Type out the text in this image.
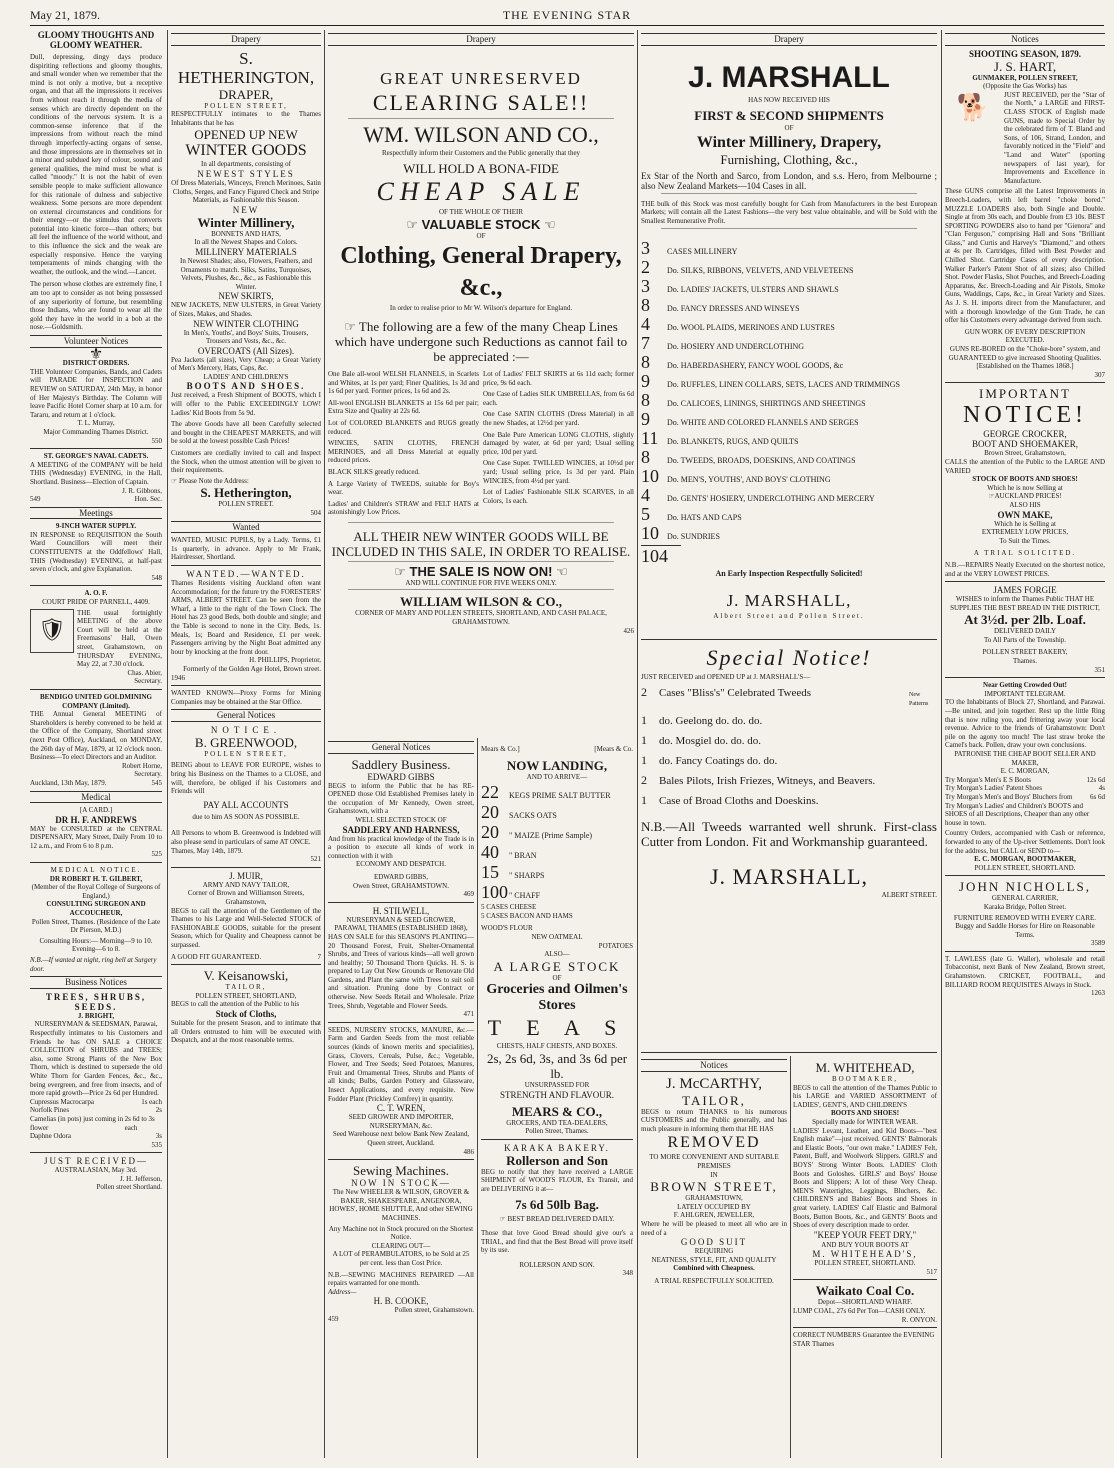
May 21, 1879.	THE EVENING STAR
GLOOMY THOUGHTS AND GLOOMY WEATHER.
Dull, depressing, dingy days produce dispiriting reflections and gloomy thoughts, and small wonder when we remember that the mind is not only a motive, but a receptive organ, and that all the impressions it receives from without reach it through the media of senses which are directly dependent on the conditions of the nervous system. It is a common-sense inference that if the impressions from without reach the mind through imperfectly-acting organs of sense, and those impressions are in themselves set in a minor and subdued key of colour, sound and general qualities, the mind must be what is called "moody." It is not the habit of even sensible people to make sufficient allowance for this rationale of dulness and subjective weakness. Some persons are more dependent on external circumstances and conditions for their energy—or the stimulus that converts potential into kinetic force—than others; but all feel the influence of the world without, and to this influence the sick and the weak are especially responsive. Hence the varying temperaments of minds changing with the weather, the outlook, and the wind.—Lancet.
The person whose clothes are extremely fine, I am too apt to consider as not being possessed of any superiority of fortune, but resembling those Indians, who are found to wear all the gold they have in the world in a bob at the nose.—Goldsmith.
Volunteer Notices
⚜
DISTRICT ORDERS.
THE Volunteer Companies, Bands, and Cadets will PARADE for INSPECTION and REVIEW on SATURDAY, 24th May, in honor of Her Majesty's Birthday. The Column will leave Pacific Hotel Corner sharp at 10 a.m. for Tararu, and return at 1 o'clock.
T. L. Murray,
Major Commanding Thames District.
550
ST. GEORGE'S NAVAL CADETS.
A MEETING of the COMPANY will be held THIS (Wednesday) EVENING, in the Hall, Shortland. Business—Election of Captain.
J. R. Gibbons,
549	Hon. Sec.
Meetings
9-INCH WATER SUPPLY.
IN RESPONSE to REQUISITION the South Ward Councillors will meet their CONSTITUENTS at the Oddfellows' Hall, THIS (Wednesday) EVENING, at half-past seven o'clock, and give Explanation.
548
A. O. F.
COURT PRIDE OF PARNELL, 4409.
🛡
THE usual fortnightly MEETING of the above Court will be held at the Freemasons' Hall, Owen street, Grahamstown, on THURSDAY EVENING, May 22, at 7.30 o'clock.
Chas. Abier,
Secretary.
BENDIGO UNITED GOLDMINING COMPANY (Limited).
THE Annual General MEETING of Shareholders is hereby convened to be held at the Office of the Company, Shortland street (next Post Office), Auckland, on MONDAY, the 26th day of May, 1879, at 12 o'clock noon. Business—To elect Directors and an Auditor.
Robert Horne,
Secretary.
Auckland, 13th May, 1879.	545
Medical
[A CARD.]
DR H. F. ANDREWS
MAY be CONSULTED at the CENTRAL DISPENSARY, Mary Street, Daily From 10 to 12 a.m., and From 6 to 8 p.m.
525
MEDICAL NOTICE.
DR ROBERT H. T. GILBERT,
(Member of the Royal College of Surgeons of England,)
CONSULTING SURGEON AND ACCOUCHEUR,
Pollen Street, Thames. (Residence of the Late Dr Pierson, M.D.)
Consulting Hours:— Morning—9 to 10. Evening—6 to 8.
N.B.—If wanted at night, ring bell at Surgery door.
Business Notices
TREES, SHRUBS, SEEDS.
J. BRIGHT,
NURSERYMAN & SEEDSMAN, Parawai,
Respectfully intimates to his Customers and Friends he has ON SALE a CHOICE COLLECTION of SHRUBS and TREES; also, some Strong Plants of the New Box Thorn, which is destined to supersede the old White Thorn for Garden Fences, &c., &c., being evergreen, and free from insects, and of more rapid growth—Price 2s 6d per Hundred.
Cupressus Macrocarpa	1s each
Norfolk Pines	2s
Camelias (in pots) just coming in flower
2s 6d to 3s each
Daphne Odora	3s
535
JUST RECEIVED—
AUSTRALASIAN, May 3rd.
J. H. Jefferson,
Pollen street Shortland.
Drapery
S. HETHERINGTON,
DRAPER,
POLLEN STREET,
RESPECTFULLY intimates to the Thames Inhabitants that he has
OPENED UP NEW
WINTER GOODS
In all departments, consisting of
NEWEST STYLES
Of Dress Materials, Winceys, French Merinoes, Satin Cloths, Serges, and Fancy Figured Check and Stripe Materials, as Fashionable this Season.
NEW
Winter Millinery,
BONNETS AND HATS,
In all the Newest Shapes and Colors.
MILLINERY MATERIALS
In Newest Shades; also, Flowers, Feathers, and Ornaments to match. Silks, Satins, Turquoises, Velvets, Plushes, &c., &c., as Fashionable this Winter.
NEW SKIRTS,
NEW JACKETS, NEW ULSTERS, in Great Variety of Sizes, Makes, and Shades.
NEW WINTER CLOTHING
In Men's, Youths', and Boys' Suits, Trousers, Trousers and Vests, &c., &c.
OVERCOATS (All Sizes).
Pea Jackets (all sizes), Very Cheap; a Great Variety of Men's Mercery, Hats, Caps, &c.
LADIES' AND CHILDREN'S
BOOTS AND SHOES.
Just received, a Fresh Shipment of BOOTS, which I will offer to the Public EXCEEDINGLY LOW! Ladies' Kid Boots from 5s 9d.
The above Goods have all been Carefully selected and bought in the CHEAPEST MARKETS, and will be sold at the lowest possible Cash Prices!
Customers are cordially invited to call and Inspect the Stock, when the utmost attention will be given to their requirements.
☞ Please Note the Address:
S. Hetherington,
POLLEN STREET.
504
Wanted
WANTED, MUSIC PUPILS, by a Lady. Terms, £1 1s quarterly, in advance. Apply to Mr Frank, Hairdresser, Shortland.
WANTED.—WANTED.
Thames Residents visiting Auckland often want Accommodation; for the future try the FORESTERS' ARMS, ALBERT STREET. Can be seen from the Wharf, a little to the right of the Town Clock. The Hotel has 23 good Beds, both double and single; and the Table is second to none in the City. Beds, 1s. Meals, 1s; Board and Residence, £1 per week. Passengers arriving by the Night Boat admitted any hour by knocking at the front door.
H. PHILLIPS, Proprietor,
Formerly of the Golden Age Hotel, Brown street.
1946
WANTED KNOWN—Proxy Forms for Mining Companies may be obtained at the Star Office.
General Notices
NOTICE.
B. GREENWOOD,
POLLEN STREET,
BEING about to LEAVE FOR EUROPE, wishes to bring his Business on the Thames to a CLOSE, and will, therefore, be obliged if his Customers and Friends will
PAY ALL ACCOUNTS
due to him AS SOON AS POSSIBLE.
All Persons to whom B. Greenwood is Indebted will also please send in particulars of same AT ONCE.
Thames, May 14th, 1879.
521
J. MUIR,
ARMY AND NAVY TAILOR,
Corner of Brown and Williamson Streets, Grahamstown,
BEGS to call the attention of the Gentlemen of the Thames to his Large and Well-Selected STOCK of FASHIONABLE GOODS, suitable for the present Season, which for Quality and Cheapness cannot be surpassed.
A GOOD FIT GUARANTEED.	7
V. Keisanowski,
TAILOR,
POLLEN STREET, SHORTLAND,
BEGS to call the attention of the Public to his
Stock of Cloths,
Suitable for the present Season, and to intimate that all Orders entrusted to him will be executed with Despatch, and at the most reasonable terms.
Drapery
GREAT UNRESERVED
CLEARING SALE!!
WM. WILSON AND CO.,
Respectfully inform their Customers and the Public generally that they
WILL HOLD A BONA-FIDE
CHEAP SALE
OF THE WHOLE OF THEIR
☞ VALUABLE STOCK ☜
OF
Clothing, General Drapery, &c.,
In order to realise prior to Mr W. Wilson's departure for England.
☞ The following are a few of the many Cheap Lines which have undergone such Reductions as cannot fail to be appreciated :—
One Bale all-wool WELSH FLANNELS, in Scarlets and Whites, at 1s per yard; Finer Qualities, 1s 3d and 1s 6d per yard. Former prices, 1s 6d and 2s.
All-wool ENGLISH BLANKETS at 15s 6d per pair; Extra Size and Quality at 22s 6d.
Lot of COLORED BLANKETS and RUGS greatly reduced.
WINCIES, SATIN CLOTHS, FRENCH MERINOES, and all Dress Material at equally reduced prices.
BLACK SILKS greatly reduced.
A Large Variety of TWEEDS, suitable for Boy's wear.
Ladies' and Children's STRAW and FELT HATS at astonishingly Low Prices.
Lot of Ladies' FELT SKIRTS at 6s 11d each; former price, 9s 6d each.
One Case of Ladies SILK UMBRELLAS, from 6s 6d each.
One Case SATIN CLOTHS (Dress Material) in all the new Shades, at 12½d per yard.
One Bale Pure American LONG CLOTHS, slightly damaged by water, at 6d per yard; Usual selling price, 10d per yard.
One Case Super. TWILLED WINCIES, at 10½d per yard; Usual selling price, 1s 3d per yard. Plain WINCIES, from 4½d per yard.
Lot of Ladies' Fashionable SILK SCARVES, in all Colors, 1s each.
ALL THEIR NEW WINTER GOODS WILL BE INCLUDED IN THIS SALE, IN ORDER TO REALISE.
☞ THE SALE IS NOW ON! ☜
AND WILL CONTINUE FOR FIVE WEEKS ONLY.
WILLIAM WILSON & CO.,
CORNER OF MARY AND POLLEN STREETS, SHORTLAND, AND CASH PALACE, GRAHAMSTOWN.
426
General Notices
Saddlery Business.
EDWARD GIBBS
BEGS to inform the Public that he has RE-OPENED those Old Established Premises lately in the occupation of Mr Kennedy, Owen street, Grahamstown, with a
WELL SELECTED STOCK OF
SADDLERY AND HARNESS,
And from his practical knowledge of the Trade is in a position to execute all kinds of work in connection with it with
ECONOMY AND DESPATCH.
EDWARD GIBBS,
Owen Street, GRAHAMSTOWN.
469
H. STILWELL,
NURSERYMAN & SEED GROWER,
PARAWAI, THAMES (ESTABLISHED 1868),
HAS ON SALE for this SEASON'S PLANTING—20 Thousand Forest, Fruit, Shelter-Ornamental Shrubs, and Trees of various kinds—all well grown and healthy; 50 Thousand Thorn Quicks. H. S. is prepared to Lay Out New Grounds or Renovate Old Gardens, and Plant the same with Trees to suit soil and situation. Pruning done by Contract or otherwise. New Seeds Retail and Wholesale. Prize Trees, Shrub, Vegetable and Flower Seeds.
471
SEEDS, NURSERY STOCKS, MANURE, &c.—Farm and Garden Seeds from the most reliable sources (kinds of known merits and specialities), Grass, Clovers, Cereals, Pulse, &c.; Vegetable, Flower, and Tree Seeds; Seed Potatoes, Manures, Fruit and Ornamental Trees, Shrubs and Plants of all kinds; Bulbs, Garden Pottery and Glassware, Insect Applications, and every requisite. New Fodder Plant (Prickley Comfrey) in quantity.
C. T. WREN,
SEED GROWER AND IMPORTER, NURSERYMAN, &c.
Seed Warehouse next below Bank New Zealand, Queen street, Auckland.
486
Sewing Machines.
NOW IN STOCK—
The New WHEELER & WILSON, GROVER & BAKER, SHAKESPEARE, ANGENORA, HOWES', HOME SHUTTLE, And other SEWING MACHINES.
Any Machine not in Stock procured on the Shortest Notice.
CLEARING OUT—
A LOT of PERAMBULATORS, to be Sold at 25 per cent. less than Cost Price.
N.B.—SEWING MACHINES REPAIRED —All repairs warranted for one month.
Address—
H. B. COOKE,
Pollen street, Grahamstown.
459
Mears & Co.]	[Mears & Co.
NOW LANDING,
AND TO ARRIVE—
22	KEGS PRIME SALT BUTTER
20	SACKS OATS
20	" MAIZE (Prime Sample)
40	" BRAN
15	" SHARPS
100 " CHAFF
5 CASES CHEESE
5 CASES BACON AND HAMS
WOOD'S FLOUR
NEW OATMEAL
POTATOES
ALSO—
A LARGE STOCK
OF
Groceries and Oilmen's Stores
T E A S
CHESTS, HALF CHESTS, AND BOXES.
2s, 2s 6d, 3s, and 3s 6d per lb.
UNSURPASSED FOR
STRENGTH AND FLAVOUR.
MEARS & CO.,
GROCERS, AND TEA-DEALERS,
Pollen Street, Thames.
KARAKA BAKERY.
Rollerson and Son
BEG to notify that they have received a LARGE SHIPMENT of WOOD'S FLOUR, Ex Transit, and are DELIVERING it at—
7s 6d 50lb Bag.
☞ BEST BREAD DELIVERED DAILY.
Those that love Good Bread should give our's a TRIAL, and find that the Best Bread will prove itself by its use.
ROLLERSON AND SON.
348
Drapery
J. MARSHALL
HAS NOW RECEIVED HIS
FIRST & SECOND SHIPMENTS
OF
Winter Millinery, Drapery,
Furnishing, Clothing, &c.,
Ex Star of the North and Sarco, from London, and s.s. Hero, from Melbourne ; also New Zealand Markets—104 Cases in all.
THE bulk of this Stock was most carefully bought for Cash from Manufacturers in the best European Markets; will contain all the Latest Fashions—the very best value obtainable, and will be Sold with the Smallest Remunerative Profit.
3	CASES MILLINERY
2	Do. SILKS, RIBBONS, VELVETS, AND VELVETEENS
3	Do. LADIES' JACKETS, ULSTERS AND SHAWLS
8	Do. FANCY DRESSES AND WINSEYS
4	Do. WOOL PLAIDS, MERINOES AND LUSTRES
7	Do. HOSIERY AND UNDERCLOTHING
8	Do. HABERDASHERY, FANCY WOOL GOODS, &c
9	Do. RUFFLES, LINEN COLLARS, SETS, LACES AND TRIMMINGS
8	Do. CALICOES, LININGS, SHIRTINGS AND SHEETINGS
9	Do. WHITE AND COLORED FLANNELS AND SERGES
11	Do. BLANKETS, RUGS, AND QUILTS
8	Do. TWEEDS, BROADS, DOESKINS, AND COATINGS
10	Do. MEN'S, YOUTHS', AND BOYS' CLOTHING
4	Do. GENTS' HOSIERY, UNDERCLOTHING AND MERCERY
5	Do. HATS AND CAPS
10	Do. SUNDRIES
104
An Early Inspection Respectfully Solicited!
J. MARSHALL,
Albert Street and Pollen Street.
Special Notice!
JUST RECEIVED and OPENED UP at J. MARSHALL'S—
2	Cases "Bliss's" Celebrated Tweeds	New Patterns
1	do. Geelong do. do. do.
1	do. Mosgiel do. do. do.
1	do. Fancy Coatings do. do.
2	Bales Pilots, Irish Friezes, Witneys, and Beavers.
1	Case of Broad Cloths and Doeskins.
N.B.—All Tweeds warranted well shrunk. First-class Cutter from London. Fit and Workmanship guaranteed.
J. MARSHALL,
ALBERT STREET.
Notices
J. McCARTHY,
TAILOR,
BEGS to return THANKS to his numerous CUSTOMERS and the Public generally, and has much pleasure in informing them that HE HAS
REMOVED
TO MORE CONVENIENT AND SUITABLE PREMISES
IN
BROWN STREET,
GRAHAMSTOWN,
LATELY OCCUPIED BY
F. AHLGREN, JEWELLER,
Where he will be pleased to meet all who are in need of a
GOOD SUIT
REQUIRING
NEATNESS, STYLE, FIT, AND QUALITY
Combined with Cheapness.
A TRIAL RESPECTFULLY SOLICITED.
M. WHITEHEAD,
BOOTMAKER,
BEGS to call the attention of the Thames Public to his LARGE and VARIED ASSORTMENT of LADIES', GENT'S, AND CHILDREN'S
BOOTS AND SHOES!
Specially made for WINTER WEAR.
LADIES' Levant, Leather, and Kid Boots—"best English make"—just received. GENTS' Balmorals and Elastic Boots, "our own make." LADIES' Felt, Patent, Buff, and Woolwork Slippers. GIRLS' and BOYS' Strong Winter Boots. LADIES' Cloth Boots and Goloshes. GIRLS' and Boys' House Boots and Slippers; A lot of these Very Cheap. MEN'S Watertights, Leggings, Bluchers, &c. CHILDREN'S and Babies' Boots and Shoes in great variety. LADIES' Calf Elastic and Balmoral Boots, Button Boots, &c., and GENTS' Boots and Shoes of every description made to order.
"KEEP YOUR FEET DRY,"
AND BUY YOUR BOOTS AT
M. WHITEHEAD'S,
POLLEN STREET, SHORTLAND.
517
Waikato Coal Co.
Depot—SHORTLAND WHARF.
LUMP COAL, 27s 6d Per Ton—CASH ONLY.
R. ONYON.
CORRECT NUMBERS Guarantee the EVENING STAR Thames
Notices
SHOOTING SEASON, 1879.
J. S. HART,
GUNMAKER, POLLEN STREET,
(Opposite the Gas Works) has
🐕	JUST RECEIVED, per the "Star of the North," a LARGE and FIRST-CLASS STOCK of English made GUNS, made to Special Order by the celebrated firm of T. Bland and Sons, of 106, Strand, London, and favorably noticed in the "Field" and "Land and Water" (sporting newspapers of last year), for Improvements and Excellence in Manufacture.
These GUNS comprise all the Latest Improvements in Breech-Loaders, with left barrel "choke bored." MUZZLE LOADERS also, both Single and Double. Single at from 30s each, and Double from £3 10s. BEST SPORTING POWDERS also to hand per "Gienora" and "Clan Ferguson," comprising Hall and Sons "Brilliant Glass," and Curtis and Harvey's "Diamond," and others at 4s per lb. Cartridges, filled with Best Powder and Chilled Shot. Cartridge Cases of every description. Walker Parker's Patent Shot of all sizes; also Chilled Shot. Powder Flasks, Shot Pouches, and Breech-Loading Apparatus, &c. Breech-Loading and Air Pistols, Smoke Guns, Waddings, Caps, &c., in Great Variety and Sizes. As J. S. H. imports direct from the Manufacturer, and with a thorough knowledge of the Gun Trade, he can offer his Customers every advantage derived from such.
GUN WORK OF EVERY DESCRIPTION EXECUTED.
GUNS RE-BORED on the "Choke-bore" system, and GUARANTEED to give increased Shooting Qualities.
[Established on the Thames 1868.]
307
IMPORTANT
NOTICE!
GEORGE CROCKER,
BOOT AND SHOEMAKER,
Brown Street, Grahamstown,
CALLS the attention of the Public to the LARGE AND VARIED
STOCK OF BOOTS AND SHOES!
Which he is now Selling at
☞AUCKLAND PRICES!
ALSO HIS
OWN MAKE,
Which he is Selling at
EXTREMELY LOW PRICES,
To Suit the Times.
A TRIAL SOLICITED.
N.B.—REPAIRS Neatly Executed on the shortest notice, and at the VERY LOWEST PRICES.
JAMES FORGIE
WISHES to inform the Thames Public THAT HE SUPPLIES THE BEST BREAD IN THE DISTRICT,
At 3½d. per 2lb. Loaf.
DELIVERED DAILY
To All Parts of the Township.
POLLEN STREET BAKERY,
Thames.
351
Near Getting Crowded Out!
IMPORTANT TELEGRAM.
TO the Inhabitants of Block 27, Shortland, and Parawai.—Be united, and join together. Rest up the little Ring that is now ruling you, and frittering away your local revenue. Advice to the friends of Grahamstown: Don't pile on the agony too much! The last straw broke the Camel's back. Pollen, draw your own conclusions.
PATRONISE THE CHEAP BOOT SELLER AND MAKER,
E. C. MORGAN,
Try Morgan's Men's E S Boots	12s 6d
Try Morgan's Ladies' Patent Shoes	4s
Try Morgan's Men's and Boys' Bluchers from	6s 6d
Try Morgan's Ladies' and Children's BOOTS and SHOES of all Descriptions, Cheaper than any other house in town.
Country Orders, accompanied with Cash or reference, forwarded to any of the Up-river Settlements. Don't look for the address, but CALL or SEND to—
E. C. MORGAN, BOOTMAKER,
POLLEN STREET, SHORTLAND.
JOHN NICHOLLS,
GENERAL CARRIER,
Karaka Bridge, Pollen Street.
FURNITURE REMOVED WITH EVERY CARE.
Buggy and Saddle Horses for Hire on Reasonable Terms.
3589
T. LAWLESS (late G. Waller), wholesale and retail Tobacconist, next Bank of New Zealand, Brown street, Grahamstown. CRICKET, FOOTBALL, and BILLIARD ROOM REQUISITES Always in Stock.
1263
